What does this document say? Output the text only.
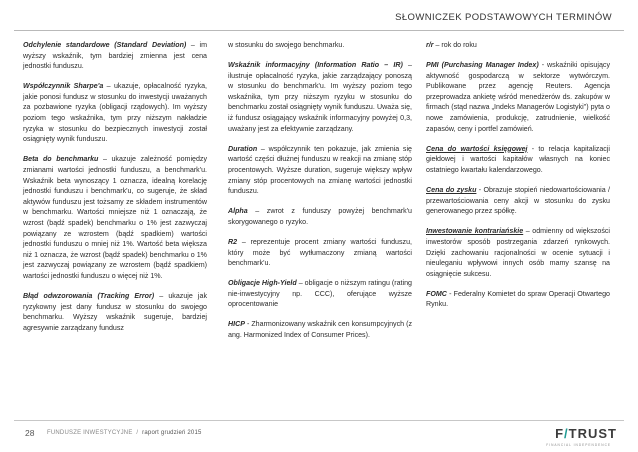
SŁOWNICZEK PODSTAWOWYCH TERMINÓW

Odchylenie standardowe (Standard Deviation) – im wyższy wskaźnik, tym bardziej zmienna jest cena jednostki funduszu.

Współczynnik Sharpe'a – ukazuje, opłacalność ryzyka, jakie ponosi fundusz w stosunku do inwestycji uważanych za pozbawione ryzyka (obligacji rządowych). Im wyższy poziom tego wskaźnika, tym przy niższym nakładzie ryzyka w stosunku do bezpiecznych inwestycji został osiągnięty wynik funduszu.

Beta do benchmarku – ukazuje zależność pomiędzy zmianami wartości jednostki funduszu, a benchmark'u. Wskaźnik beta wynoszący 1 oznacza, idealną korelację jednostki funduszu i benchmark'u, co sugeruje, że skład aktywów funduszu jest tożsamy ze składem instrumentów w benchmarku. Wartości mniejsze niż 1 oznaczają, że wzrost (bądź spadek) benchmarku o 1% jest zazwyczaj powiązany ze wzrostem (bądź spadkiem) wartości jednostki funduszu o mniej niż 1%. Wartość beta większa niż 1 oznacza, że wzrost (bądź spadek) benchmarku o 1% jest zazwyczaj powiązany ze wzrostem (bądź spadkiem) wartości jednostki funduszu o więcej niż 1%.

Błąd odwzorowania (Tracking Error) – ukazuje jak ryzykowny jest dany fundusz w stosunku do swojego benchmarku. Wyższy wskaźnik sugeruje, bardziej agresywnie zarządzany fundusz

w stosunku do swojego benchmarku.

Wskaźnik informacyjny (Information Ratio – IR) – ilustruje opłacalność ryzyka, jakie zarządzający ponoszą w stosunku do benchmark'u. Im wyższy poziom tego wskaźnika, tym przy niższym ryzyku w stosunku do benchmarku został osiągnięty wynik funduszu. Uważa się, iż fundusz osiągający wskaźnik informacyjny powyżej 0,3, uważany jest za efektywnie zarządzany.

Duration – współczynnik ten pokazuje, jak zmienia się wartość części dłużnej funduszu w reakcji na zmianę stóp procentowych. Wyższe duration, sugeruje większy wpływ zmiany stóp procentowych na zmianę wartości jednostki funduszu.

Alpha – zwrot z funduszy powyżej benchmark'u skorygowanego o ryzyko.

R2 – reprezentuje procent zmiany wartości funduszu, który może być wytłumaczony zmianą wartości benchmark'u.

Obligacje High-Yield – obligacje o niższym ratingu (rating nie-inwestycyjny np. CCC), oferujące wyższe oprocentowanie

HICP - Zharmonizowany wskaźnik cen konsumpcyjnych (z ang. Harmonized Index of Consumer Prices).

r/r – rok do roku

PMI (Purchasing Manager Index) - wskaźniki opisujący aktywność gospodarczą w sektorze wytwórczym. Publikowane przez agencję Reuters. Agencja przeprowadza ankietę wśród menedżerów ds. zakupów w firmach (stąd nazwa „Indeks Managerów Logistyki") pyta o nowe zamówienia, produkcję, zatrudnienie, wielkość zapasów, ceny i portfel zamówień.

Cena do wartości księgowej - to relacja kapitalizacji giełdowej i wartości kapitałów własnych na koniec ostatniego kwartału kalendarzowego.

Cena do zysku - Obrazuje stopień niedowartościowania / przewartościowania ceny akcji w stosunku do zysku generowanego przez spółkę.

Inwestowanie kontrariańskie – odmienny od większości inwestorów sposób postrzegania zdarzeń rynkowych. Dzięki zachowaniu racjonalności w ocenie sytuacji i nieuleganiu wpływowi innych osób mamy szansę na osiągnięcie sukcesu.

FOMC - Federalny Komietet do spraw Operacji Otwartego Rynku.

28 FUNDUSZE INWESTYCYJNE / raport grudzień 2015	F/TRUST
FINANCIAL INDEPENDENCE
